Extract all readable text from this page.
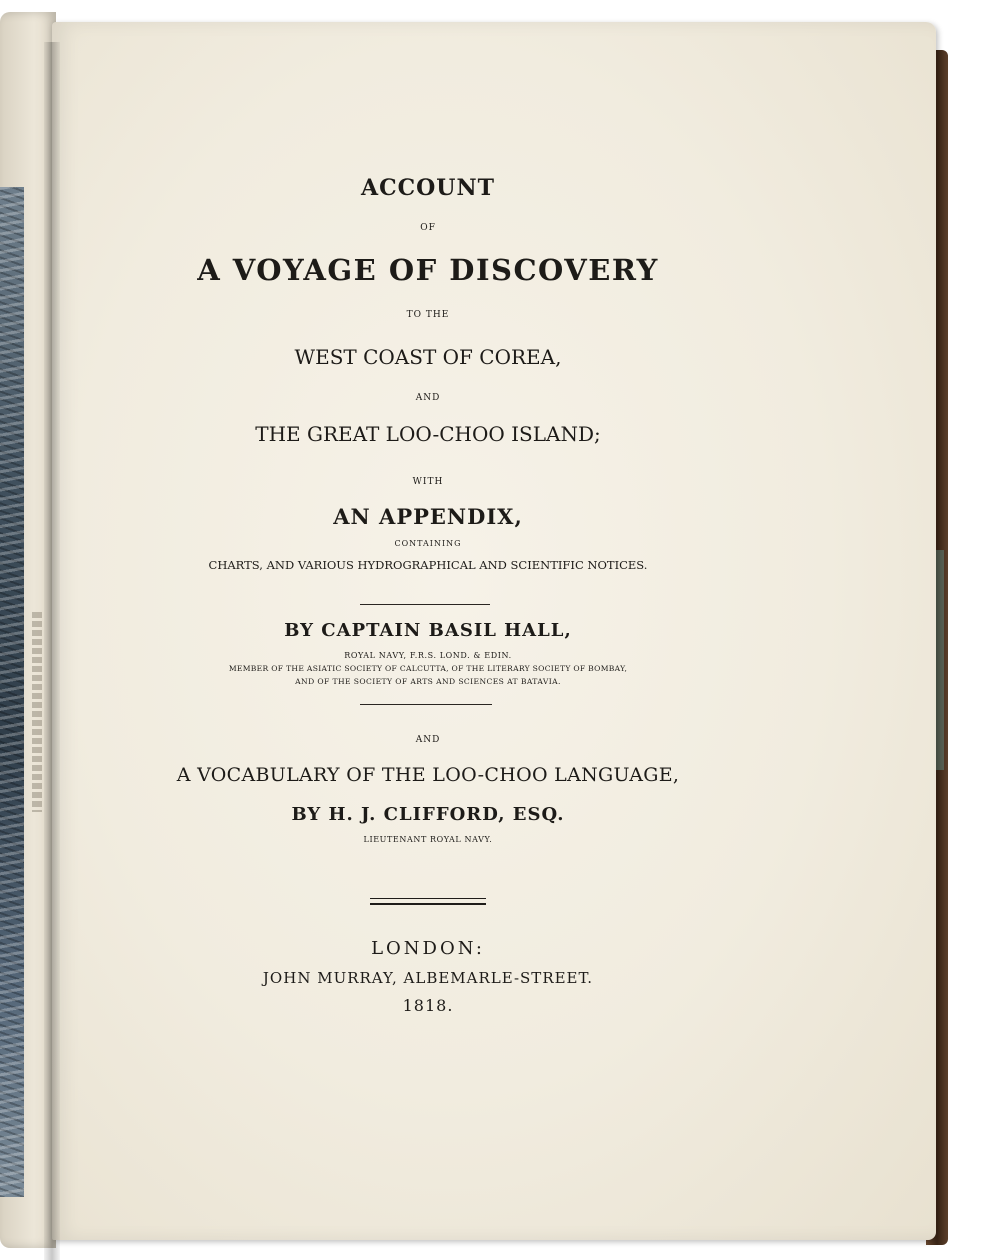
ACCOUNT
OF
A VOYAGE OF DISCOVERY
TO THE
WEST COAST OF COREA,
AND
THE GREAT LOO-CHOO ISLAND;
WITH
AN APPENDIX,
CONTAINING
CHARTS, AND VARIOUS HYDROGRAPHICAL AND SCIENTIFIC NOTICES.
BY CAPTAIN BASIL HALL,
ROYAL NAVY, F.R.S. LOND. & EDIN.
MEMBER OF THE ASIATIC SOCIETY OF CALCUTTA, OF THE LITERARY SOCIETY OF BOMBAY,
AND OF THE SOCIETY OF ARTS AND SCIENCES AT BATAVIA.
AND
A VOCABULARY OF THE LOO-CHOO LANGUAGE,
BY H. J. CLIFFORD, ESQ.
LIEUTENANT ROYAL NAVY.
LONDON:
JOHN MURRAY, ALBEMARLE-STREET.
1818.
